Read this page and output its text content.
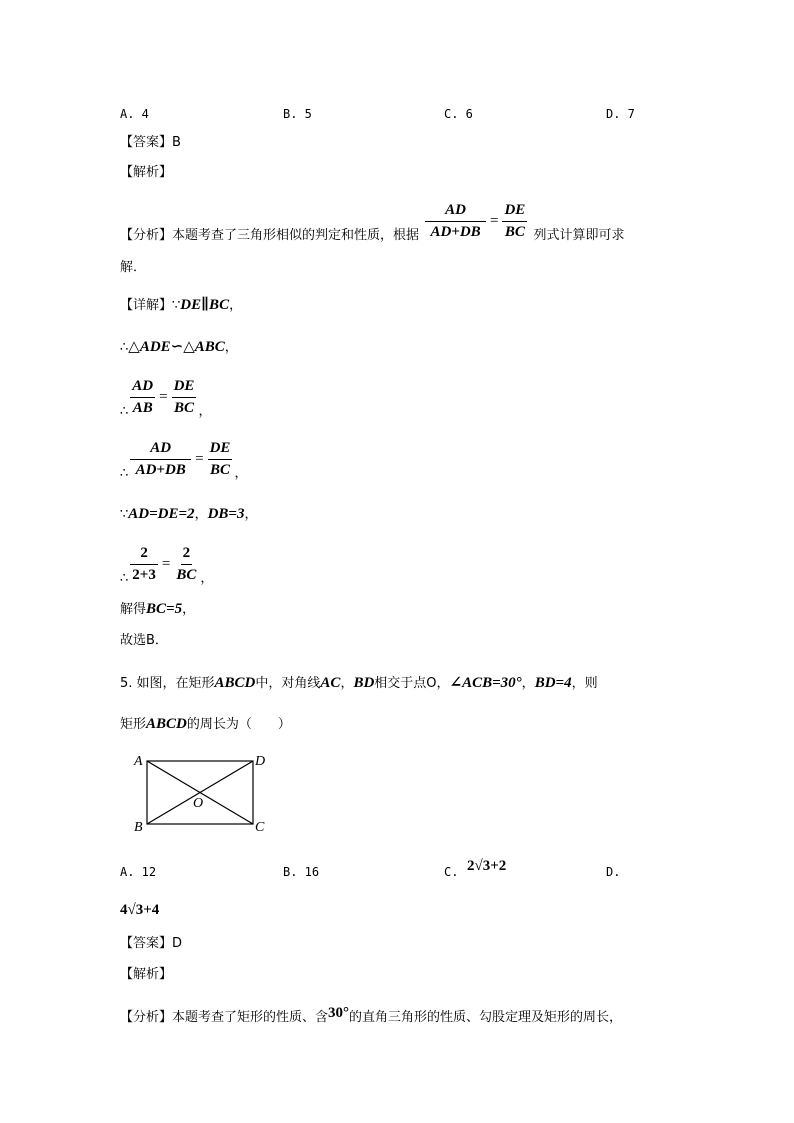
A. 4	B. 5	C. 6	D. 7
【答案】B
【解析】
【分析】本题考查了三角形相似的判定和性质，根据 $\frac{AD}{AD+DB} = \frac{DE}{BC}$ 列式计算即可求
解．
【详解】∵DE∥BC，
∴△ADE∽△ABC，
∴ $\frac{AD}{AB} = \frac{DE}{BC}$ ，
∴ $\frac{AD}{AD+DB} = \frac{DE}{BC}$ ，
∵AD=DE=2，DB=3，
∴ $\frac{2}{2+3} = \frac{2}{BC}$ ，
解得BC=5，
故选B．
5. 如图，在矩形ABCD中，对角线AC，BD相交于点O，∠ACB=30°，BD=4，则
矩形ABCD的周长为（　　）
A	D
B	C
O
A. 12	B. 16	C. 2√3+2	D.
4√3+4
【答案】D
【解析】
【分析】本题考查了矩形的性质、含30°的直角三角形的性质、勾股定理及矩形的周长，
